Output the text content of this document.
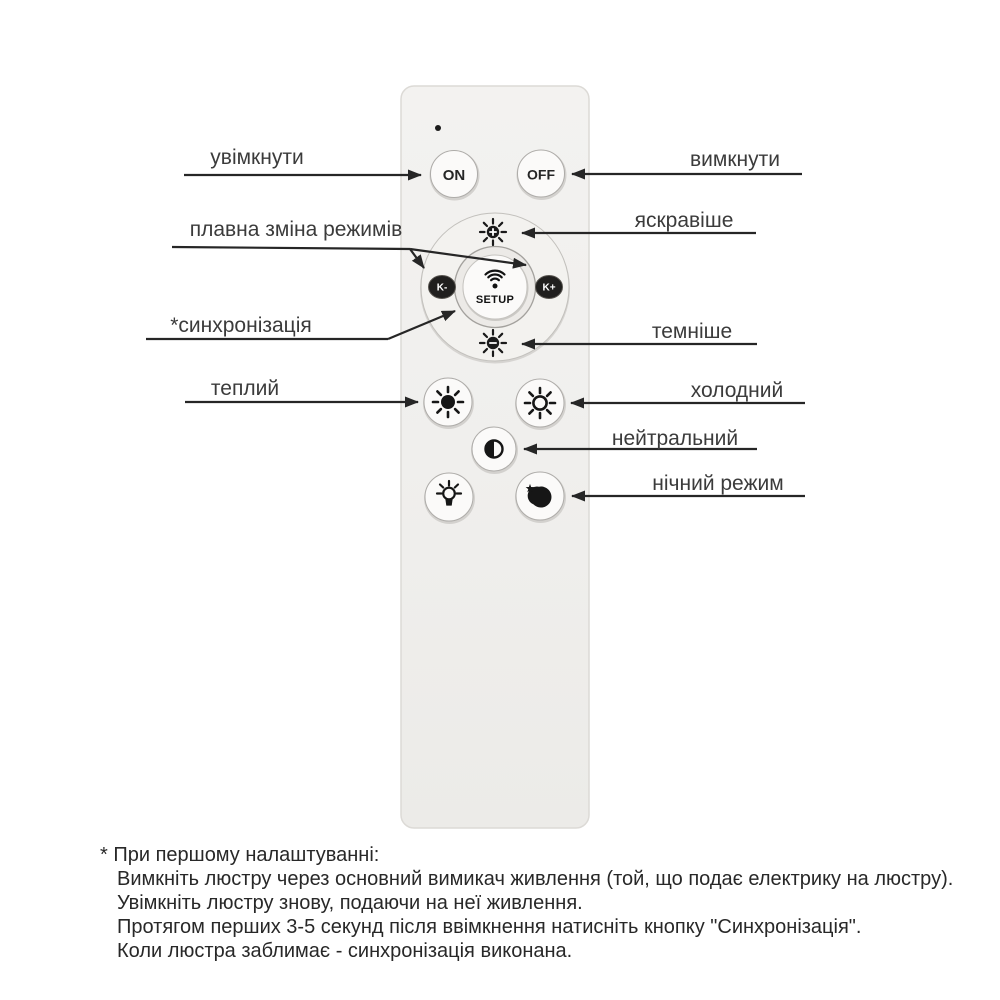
ON	OFF
K-	K+
SETUP
увімкнути
плавна зміна режимів
*синхронізація
теплий
вимкнути
яскравіше
темніше
холодний
нейтральний
нічний режим
* При першому налаштуванні:
Вимкніть люстру через основний вимикач живлення (той, що подає електрику на люстру).
Увімкніть люстру знову, подаючи на неї живлення.
Протягом перших 3-5 секунд після ввімкнення натисніть кнопку "Синхронізація".
Коли люстра заблимає - синхронізація виконана.
